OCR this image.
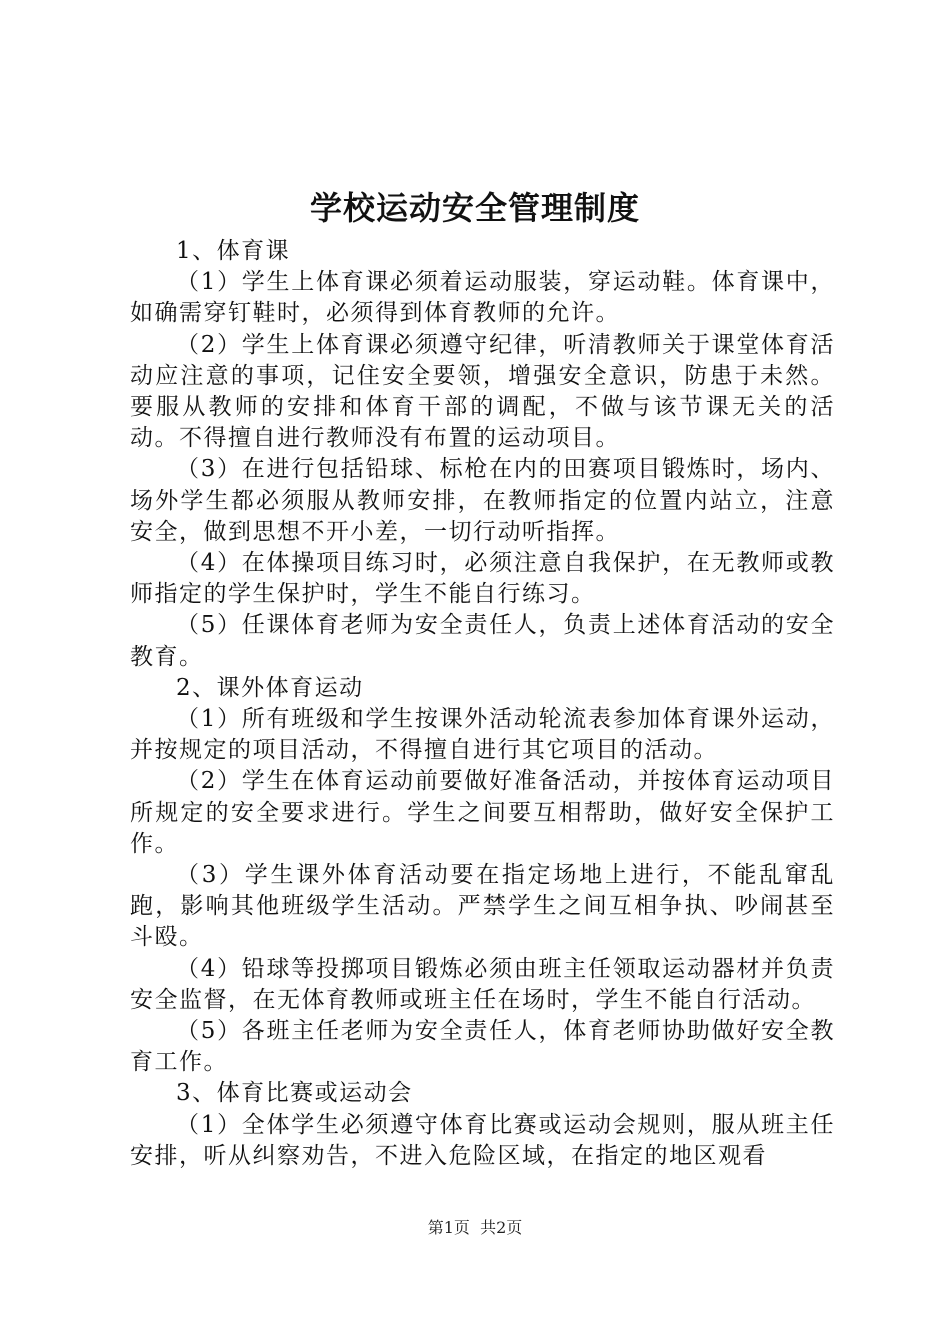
学校运动安全管理制度

1、体育课

（1）学生上体育课必须着运动服装，穿运动鞋。体育课中，如确需穿钉鞋时，必须得到体育教师的允许。

（2）学生上体育课必须遵守纪律，听清教师关于课堂体育活动应注意的事项，记住安全要领，增强安全意识，防患于未然。要服从教师的安排和体育干部的调配，不做与该节课无关的活动。不得擅自进行教师没有布置的运动项目。

（3）在进行包括铅球、标枪在内的田赛项目锻炼时，场内、场外学生都必须服从教师安排，在教师指定的位置内站立，注意安全，做到思想不开小差，一切行动听指挥。

（4）在体操项目练习时，必须注意自我保护，在无教师或教师指定的学生保护时，学生不能自行练习。

（5）任课体育老师为安全责任人，负责上述体育活动的安全教育。

2、课外体育运动

（1）所有班级和学生按课外活动轮流表参加体育课外运动，并按规定的项目活动，不得擅自进行其它项目的活动。

（2）学生在体育运动前要做好准备活动，并按体育运动项目所规定的安全要求进行。学生之间要互相帮助，做好安全保护工作。

（3）学生课外体育活动要在指定场地上进行，不能乱窜乱跑，影响其他班级学生活动。严禁学生之间互相争执、吵闹甚至斗殴。

（4）铅球等投掷项目锻炼必须由班主任领取运动器材并负责安全监督，在无体育教师或班主任在场时，学生不能自行活动。

（5）各班主任老师为安全责任人，体育老师协助做好安全教育工作。

3、体育比赛或运动会

（1）全体学生必须遵守体育比赛或运动会规则，服从班主任安排，听从纠察劝告，不进入危险区域，在指定的地区观看

第1页 共2页
